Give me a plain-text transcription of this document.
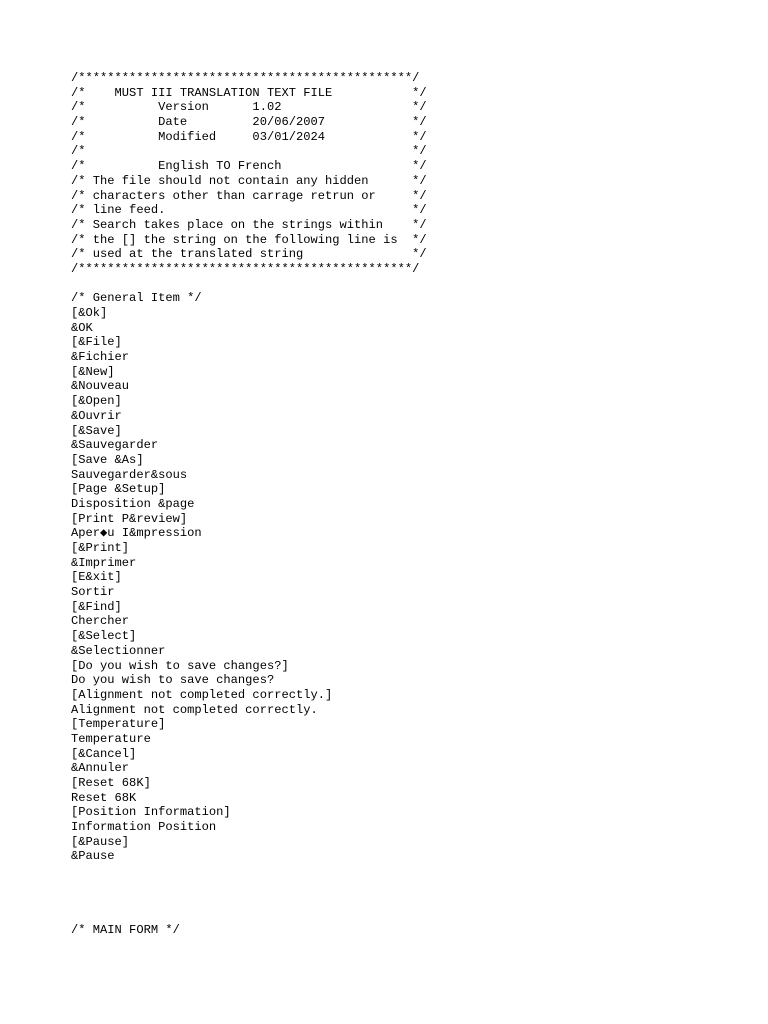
/**********************************************/
/*    MUST III TRANSLATION TEXT FILE           */
/*          Version      1.02                  */
/*          Date         20/06/2007            */
/*          Modified     03/01/2024            */
/*                                             */
/*          English TO French                  */
/* The file should not contain any hidden      */
/* characters other than carrage retrun or     */
/* line feed.                                  */
/* Search takes place on the strings within    */
/* the [] the string on the following line is  */
/* used at the translated string               */
/**********************************************/
/* General Item */
[&Ok]
&OK
[&File]
&Fichier
[&New]
&Nouveau
[&Open]
&Ouvrir
[&Save]
&Sauvegarder
[Save &As]
Sauvegarder&sous
[Page &Setup]
Disposition &page
[Print P&review]
Aper◆u I&mpression
[&Print]
&Imprimer
[E&xit]
Sortir
[&Find]
Chercher
[&Select]
&Selectionner
[Do you wish to save changes?]
Do you wish to save changes?
[Alignment not completed correctly.]
Alignment not completed correctly.
[Temperature]
Temperature
[&Cancel]
&Annuler
[Reset 68K]
Reset 68K
[Position Information]
Information Position
[&Pause]
&Pause
/* MAIN FORM */
